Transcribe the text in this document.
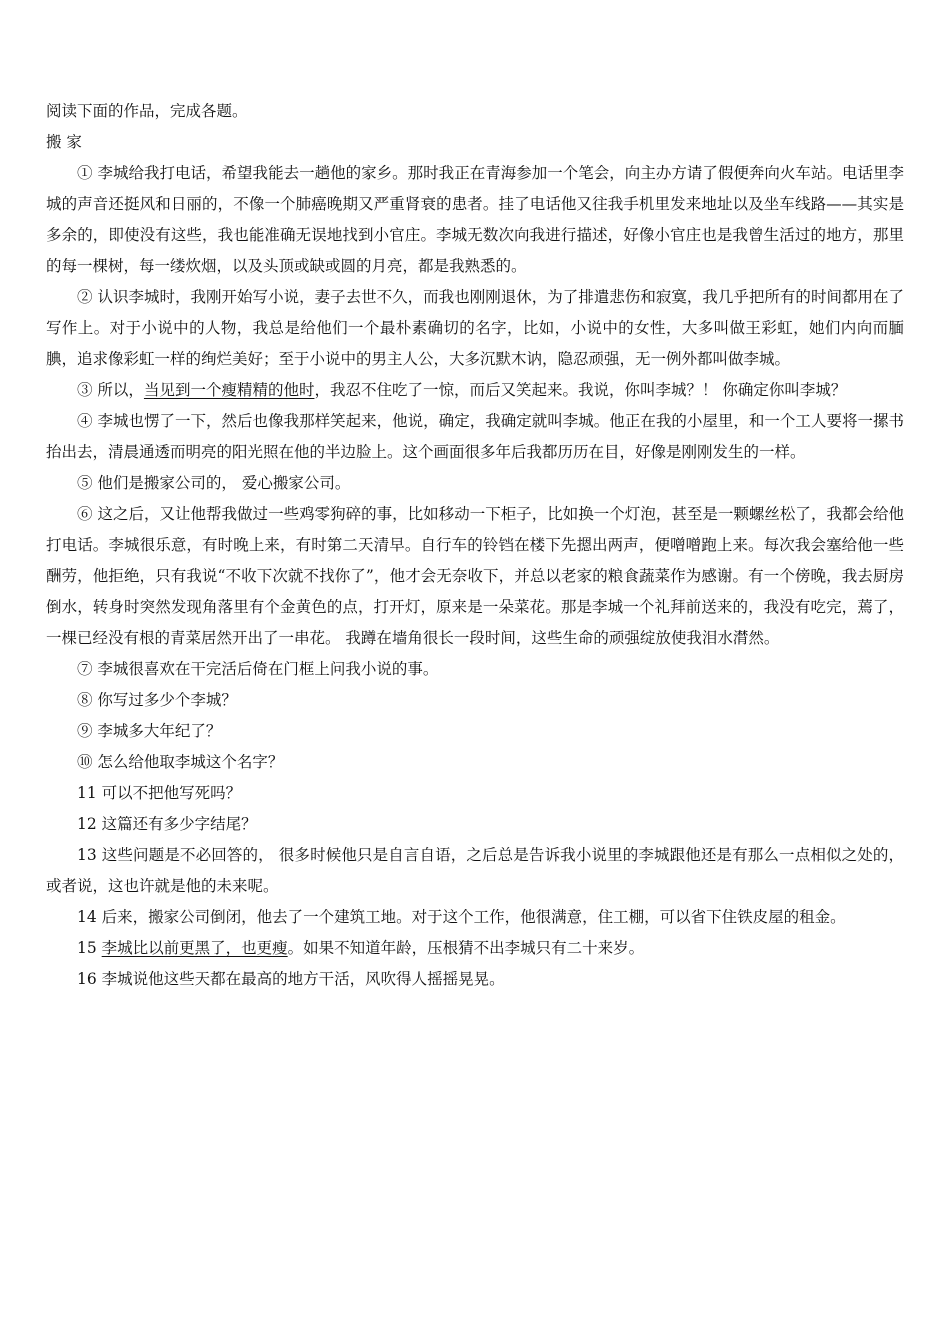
阅读下面的作品，完成各题。

搬 家

① 李城给我打电话，希望我能去一趟他的家乡。那时我正在青海参加一个笔会，向主办方请了假便奔向火车站。电话里李城的声音还挺风和日丽的，不像一个肺癌晚期又严重肾衰的患者。挂了电话他又往我手机里发来地址以及坐车线路——其实是多余的，即使没有这些，我也能准确无误地找到小官庄。李城无数次向我进行描述，好像小官庄也是我曾生活过的地方，那里的每一棵树，每一缕炊烟，以及头顶或缺或圆的月亮，都是我熟悉的。

② 认识李城时，我刚开始写小说，妻子去世不久，而我也刚刚退休，为了排遣悲伤和寂寞，我几乎把所有的时间都用在了写作上。对于小说中的人物，我总是给他们一个最朴素确切的名字，比如，小说中的女性，大多叫做王彩虹，她们内向而腼腆，追求像彩虹一样的绚烂美好；至于小说中的男主人公，大多沉默木讷，隐忍顽强，无一例外都叫做李城。

③ 所以，当见到一个瘦精精的他时，我忍不住吃了一惊，而后又笑起来。我说，你叫李城？！ 你确定你叫李城？

④ 李城也愣了一下，然后也像我那样笑起来，他说，确定，我确定就叫李城。他正在我的小屋里，和一个工人要将一摞书抬出去，清晨通透而明亮的阳光照在他的半边脸上。这个画面很多年后我都历历在目，好像是刚刚发生的一样。

⑤ 他们是搬家公司的， 爱心搬家公司。

⑥ 这之后，又让他帮我做过一些鸡零狗碎的事，比如移动一下柜子，比如换一个灯泡，甚至是一颗螺丝松了，我都会给他打电话。李城很乐意，有时晚上来，有时第二天清早。自行车的铃铛在楼下先摁出两声，便噌噌跑上来。每次我会塞给他一些酬劳，他拒绝，只有我说“不收下次就不找你了”，他才会无奈收下，并总以老家的粮食蔬菜作为感谢。有一个傍晚，我去厨房倒水，转身时突然发现角落里有个金黄色的点，打开灯，原来是一朵菜花。那是李城一个礼拜前送来的，我没有吃完，蔫了，一棵已经没有根的青菜居然开出了一串花。 我蹲在墙角很长一段时间，这些生命的顽强绽放使我泪水潸然。

⑦ 李城很喜欢在干完活后倚在门框上问我小说的事。

⑧ 你写过多少个李城？

⑨ 李城多大年纪了？

⑩ 怎么给他取李城这个名字？

11 可以不把他写死吗？

12 这篇还有多少字结尾？

13 这些问题是不必回答的， 很多时候他只是自言自语，之后总是告诉我小说里的李城跟他还是有那么一点相似之处的，或者说，这也许就是他的未来呢。

14 后来，搬家公司倒闭，他去了一个建筑工地。对于这个工作，他很满意，住工棚，可以省下住铁皮屋的租金。

15 李城比以前更黑了，也更瘦。如果不知道年龄，压根猜不出李城只有二十来岁。

16 李城说他这些天都在最高的地方干活，风吹得人摇摇晃晃。
